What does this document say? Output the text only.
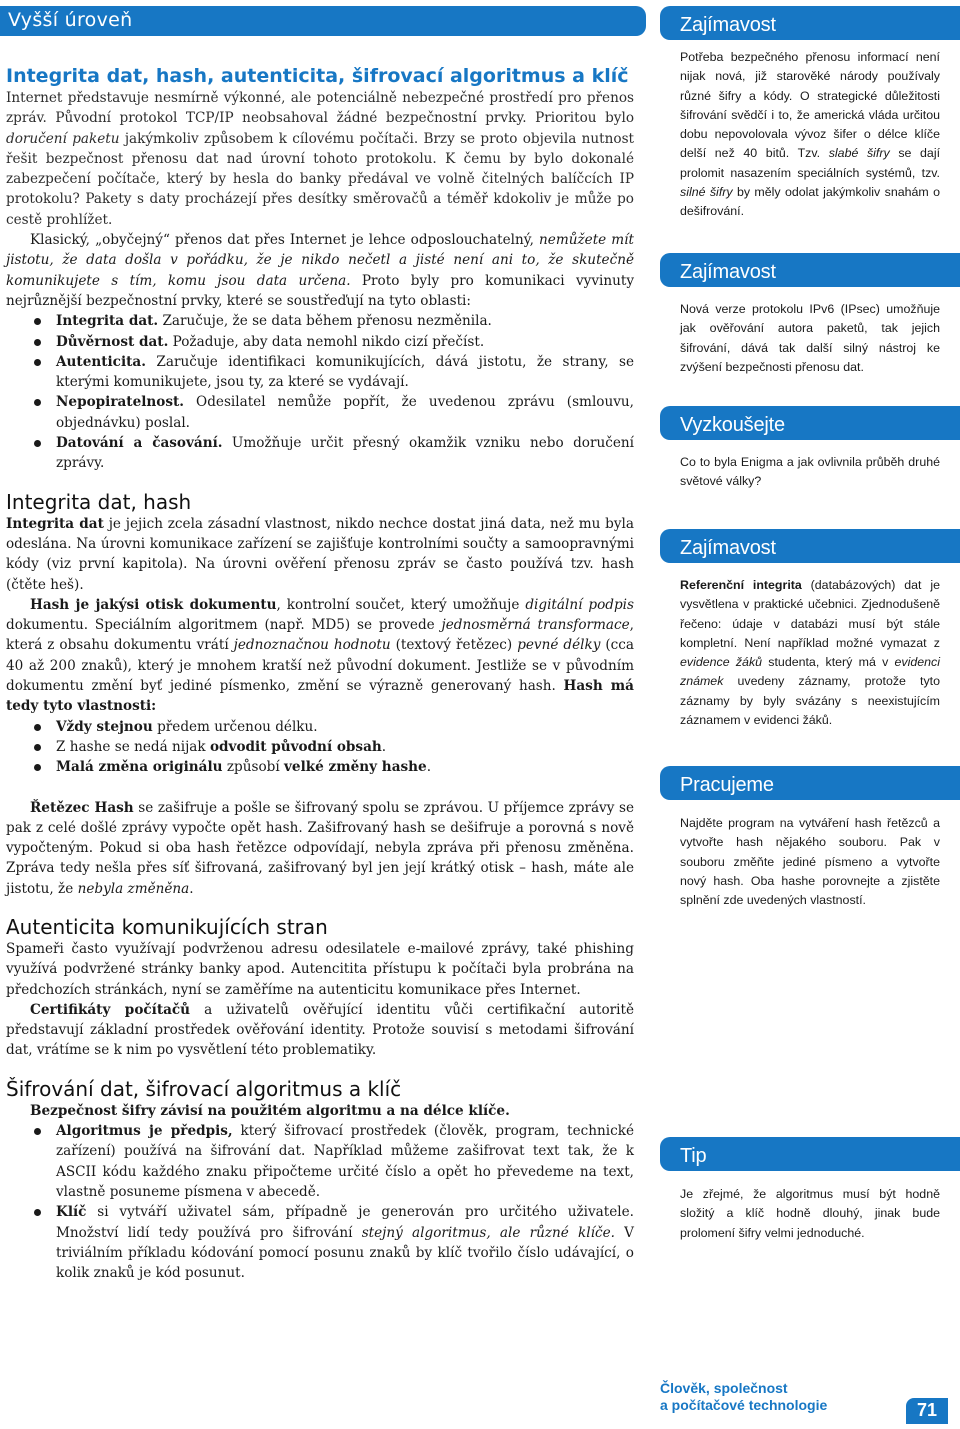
Vyšší úroveň
Integrita dat, hash, autenticita, šifrovací algoritmus a klíč

Internet představuje nesmírně výkonné, ale potenciálně nebezpečné prostředí pro přenos zpráv. Původní protokol TCP/IP neobsahoval žádné bezpečnostní prvky. Prioritou bylo doručení paketu jakýmkoliv způsobem k cílovému počítači. Brzy se proto objevila nutnost řešit bezpečnost přenosu dat nad úrovní tohoto protokolu. K čemu by bylo dokonalé zabezpečení počítače, který by hesla do banky předával ve volně čitelných balíčcích IP protokolu? Pakety s daty procházejí přes desítky směrovačů a téměř kdokoliv je může po cestě prohlížet.

Klasický, „obyčejný“ přenos dat přes Internet je lehce odposlouchatelný, nemůžete mít jistotu, že data došla v pořádku, že je nikdo nečetl a jisté není ani to, že skutečně komunikujete s tím, komu jsou data určena. Proto byly pro komunikaci vyvinuty nejrůznější bezpečnostní prvky, které se soustřeďují na tyto oblasti:

Integrita dat. Zaručuje, že se data během přenosu nezměnila.
Důvěrnost dat. Požaduje, aby data nemohl nikdo cizí přečíst.
Autenticita. Zaručuje identifikaci komunikujících, dává jistotu, že strany, se kterými komunikujete, jsou ty, za které se vydávají.
Nepopiratelnost. Odesilatel nemůže popřít, že uvedenou zprávu (smlouvu, objednávku) poslal.
Datování a časování. Umožňuje určit přesný okamžik vzniku nebo doručení zprávy.
Integrita dat, hash

Integrita dat je jejich zcela zásadní vlastnost, nikdo nechce dostat jiná data, než mu byla odeslána. Na úrovni komunikace zařízení se zajišťuje kontrolními součty a samoopravnými kódy (viz první kapitola). Na úrovni ověření přenosu zpráv se často používá tzv. hash (čtěte heš).

Hash je jakýsi otisk dokumentu, kontrolní součet, který umožňuje digitální podpis dokumentu. Speciálním algoritmem (např. MD5) se provede jednosměrná transformace, která z obsahu dokumentu vrátí jednoznačnou hodnotu (textový řetězec) pevné délky (cca 40 až 200 znaků), který je mnohem kratší než původní dokument. Jestliže se v původním dokumentu změní byť jediné písmenko, změní se výrazně generovaný hash. Hash má tedy tyto vlastnosti:

Vždy stejnou předem určenou délku.
Z hashe se nedá nijak odvodit původní obsah.
Malá změna originálu způsobí velké změny hashe.

Řetězec Hash se zašifruje a pošle se šifrovaný spolu se zprávou. U příjemce zprávy se pak z celé došlé zprávy vypočte opět hash. Zašifrovaný hash se dešifruje a porovná s nově vypočteným. Pokud si oba hash řetězce odpovídají, nebyla zpráva při přenosu změněna. Zpráva tedy nešla přes síť šifrovaná, zašifrovaný byl jen její krátký otisk – hash, máte ale jistotu, že nebyla změněna.

Autenticita komunikujících stran

Spameři často využívají podvrženou adresu odesilatele e-mailové zprávy, také phishing využívá podvržené stránky banky apod. Autencitita přístupu k počítači byla probrána na předchozích stránkách, nyní se zaměříme na autenticitu komunikace přes Internet.

Certifikáty počítačů a uživatelů ověřující identitu vůči certifikační autoritě představují základní prostředek ověřování identity. Protože souvisí s metodami šifrování dat, vrátíme se k nim po vysvětlení této problematiky.

Šifrování dat, šifrovací algoritmus a klíč

Bezpečnost šifry závisí na použitém algoritmu a na délce klíče.

Algoritmus je předpis, který šifrovací prostředek (člověk, program, technické zařízení) používá na šifrování dat. Například můžeme zašifrovat text tak, že k ASCII kódu každého znaku připočteme určité číslo a opět ho převedeme na text, vlastně posuneme písmena v abecedě.
Klíč si vytváří uživatel sám, případně je generován pro určitého uživatele. Množství lidí tedy používá pro šifrování stejný algoritmus, ale různé klíče. V triviálním příkladu kódování pomocí posunu znaků by klíč tvořilo číslo udávající, o kolik znaků je kód posunut.
Zajímavost
Potřeba bezpečného přenosu informací není nijak nová, již starověké národy používaly různé šifry a kódy. O strategické důležitosti šifrování svědčí i to, že americká vláda určitou dobu nepovolovala vývoz šifer o délce klíče delší než 40 bitů. Tzv. slabé šifry se dají prolomit nasazením speciálních systémů, tzv. silné šifry by měly odolat jakýmkoliv snahám o dešifrování.
Zajímavost
Nová verze protokolu IPv6 (IPsec) umožňuje jak ověřování autora paketů, tak jejich šifrování, dává tak další silný nástroj ke zvýšení bezpečnosti přenosu dat.
Vyzkoušejte
Co to byla Enigma a jak ovlivnila průběh druhé světové války?
Zajímavost
Referenční integrita (databázových) dat je vysvětlena v praktické učebnici. Zjednodušeně řečeno: údaje v databázi musí být stále kompletní. Není například možné vymazat z evidence žáků studenta, který má v evidenci známek uvedeny záznamy, protože tyto záznamy by byly svázány s neexistujícím záznamem v evidenci žáků.
Pracujeme
Najděte program na vytváření hash řetězců a vytvořte hash nějakého souboru. Pak v souboru změňte jediné písmeno a vytvořte nový hash. Oba hashe porovnejte a zjistěte splnění zde uvedených vlastností.
Tip
Je zřejmé, že algoritmus musí být hodně složitý a klíč hodně dlouhý, jinak bude prolomení šifry velmi jednoduché.
Člověk, společnost
a počítačové technologie	71
